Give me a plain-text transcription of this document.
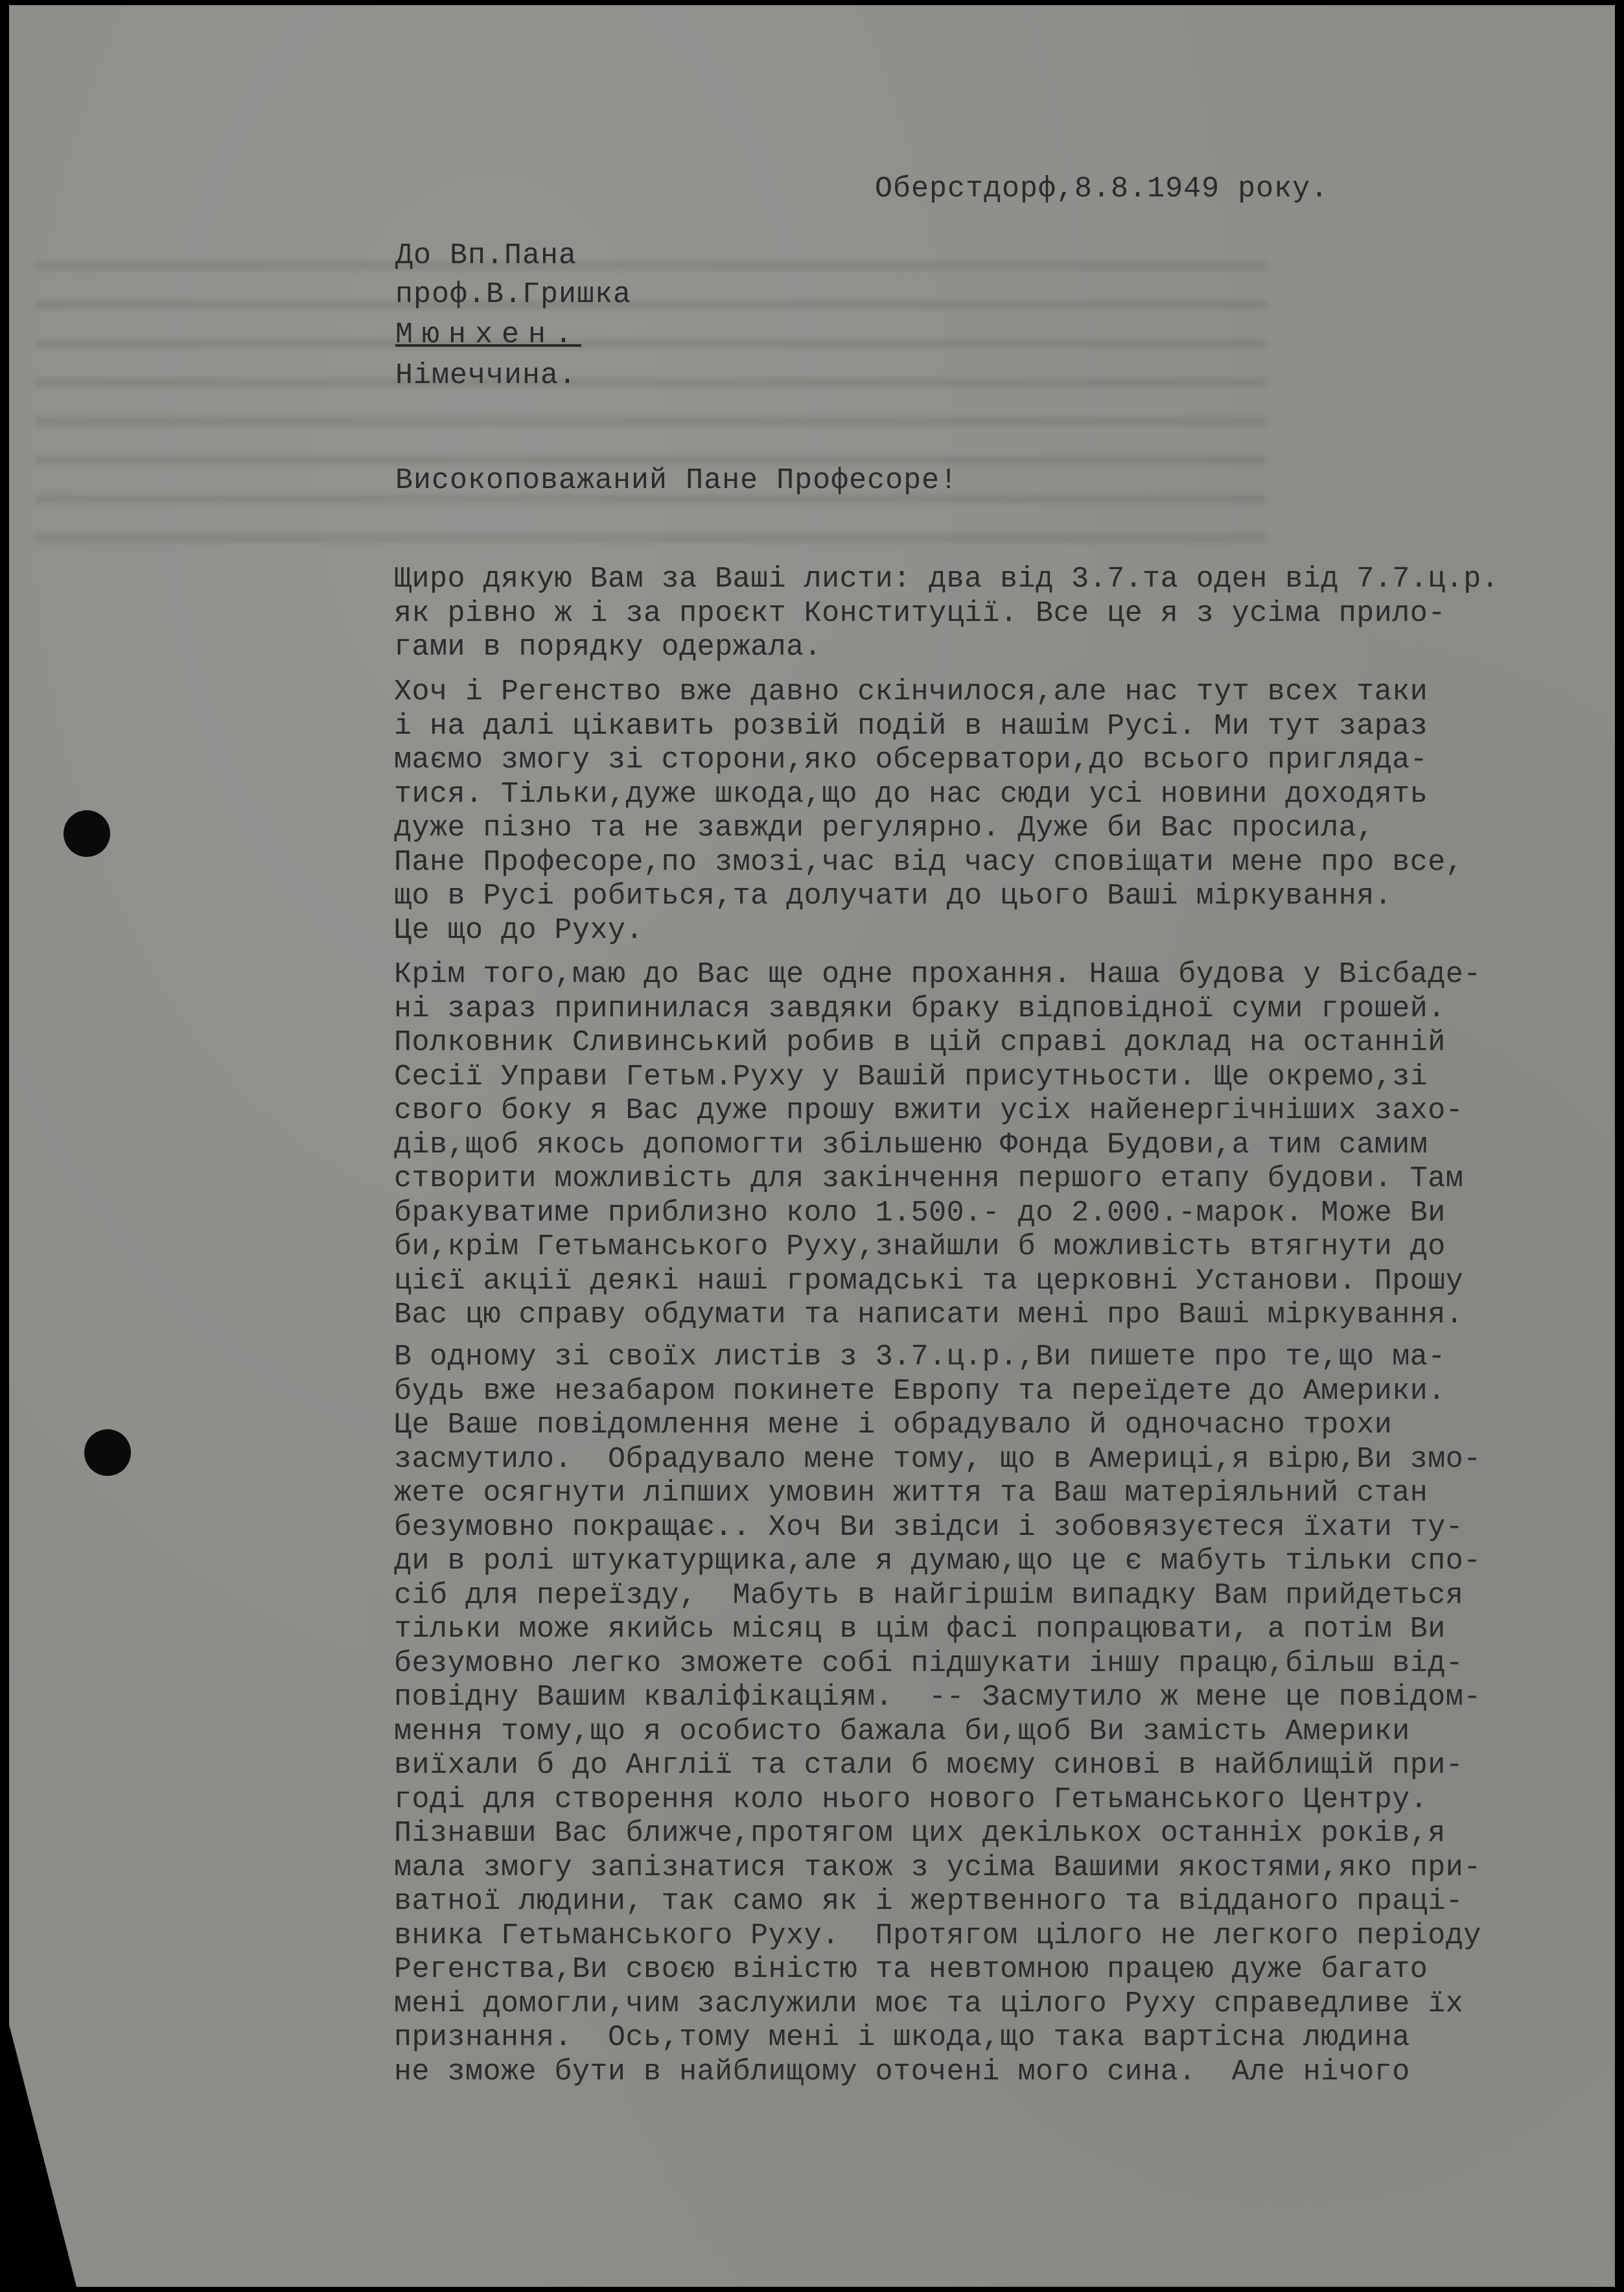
Оберстдорф,8.8.1949 року.
До Вп.Пана
проф.В.Гришка
Мюнхен.
Німеччина.
Високоповажаний Пане Професоре!
Щиро дякую Вам за Ваші листи: два від 3.7.та оден від 7.7.ц.р.
як рівно ж і за проєкт Конституції. Все це я з усіма прило-
гами в порядку одержала.
Хоч і Регенство вже давно скінчилося,але нас тут всех таки
і на далі цікавить розвій подій в нашім Русі. Ми тут зараз
маємо змогу зі сторони,яко обсерватори,до всього приглядa-
тися. Тільки,дуже шкода,що до нас сюди усі новини доходять
дуже пізно та не завжди регулярно. Дуже би Вас просила,
Пане Професоре,по змозі,час від часу сповіщати мене про все,
що в Русі робиться,та долучати до цього Ваші міркування.
Це що до Руху.
Крім того,маю до Вас ще одне прохання. Наша будова у Вісбаде-
ні зараз припинилася завдяки браку відповідної суми грошей.
Полковник Сливинський робив в цій справі доклад на останній
Сесії Управи Гетьм.Руху у Вашій присутньости. Ще окремо,зі
свого боку я Вас дуже прошу вжити усіх найенергічніших захо-
дів,щоб якось допомогти збільшеню Фонда Будови,а тим самим
створити можливість для закінчення першого етапу будови. Там
бракуватиме приблизно коло 1.500.- до 2.000.-марок. Може Ви
би,крім Гетьманського Руху,знайшли б можливість втягнути до
цієї акції деякі наші громадські та церковні Установи. Прошу
Вас цю справу обдумати та написати мені про Ваші міркування.
В одному зі своїх листів з 3.7.ц.р.,Ви пишете про те,що ма-
будь вже незабаром покинете Европу та переїдете до Америки.
Це Ваше повідомлення мене і обрадувало й одночасно трохи
засмутило.  Обрадувало мене тому, що в Америці,я вірю,Ви змо-
жете осягнути ліпших умовин життя та Ваш матеріяльний стан
безумовно покращає.. Хоч Ви звідси і зобовязуєтеся їхати ту-
ди в ролі штукатурщика,але я думаю,що це є мабуть тільки спо-
сіб для переїзду,  Мабуть в найгіршім випадку Вам прийдеться
тільки може якийсь місяц в цім фасі попрацювати, а потім Ви
безумовно легко зможете собі підшукати іншу працю,більш від-
повідну Вашим кваліфікаціям.  -- Засмутило ж мене це повідом-
мення тому,що я особисто бажала би,щоб Ви замість Америки
виїхали б до Англії та стали б моєму синові в найблищій при-
годі для створення коло нього нового Гетьманського Центру.
Пізнавши Вас ближче,протягом цих декількох останніх років,я
мала змогу запізнатися також з усіма Вашими якостями,яко при-
ватної людини, так само як і жертвенного та відданого праці-
вника Гетьманського Руху.  Протягом цілого не легкого періоду
Регенства,Ви своєю віністю та невтомною працею дуже багато
мені домогли,чим заслужили моє та цілого Руху справедливе їх
признання.  Ось,тому мені і шкода,що така вартісна людина
не зможе бути в найблищому оточені мого сина.  Але нічого
